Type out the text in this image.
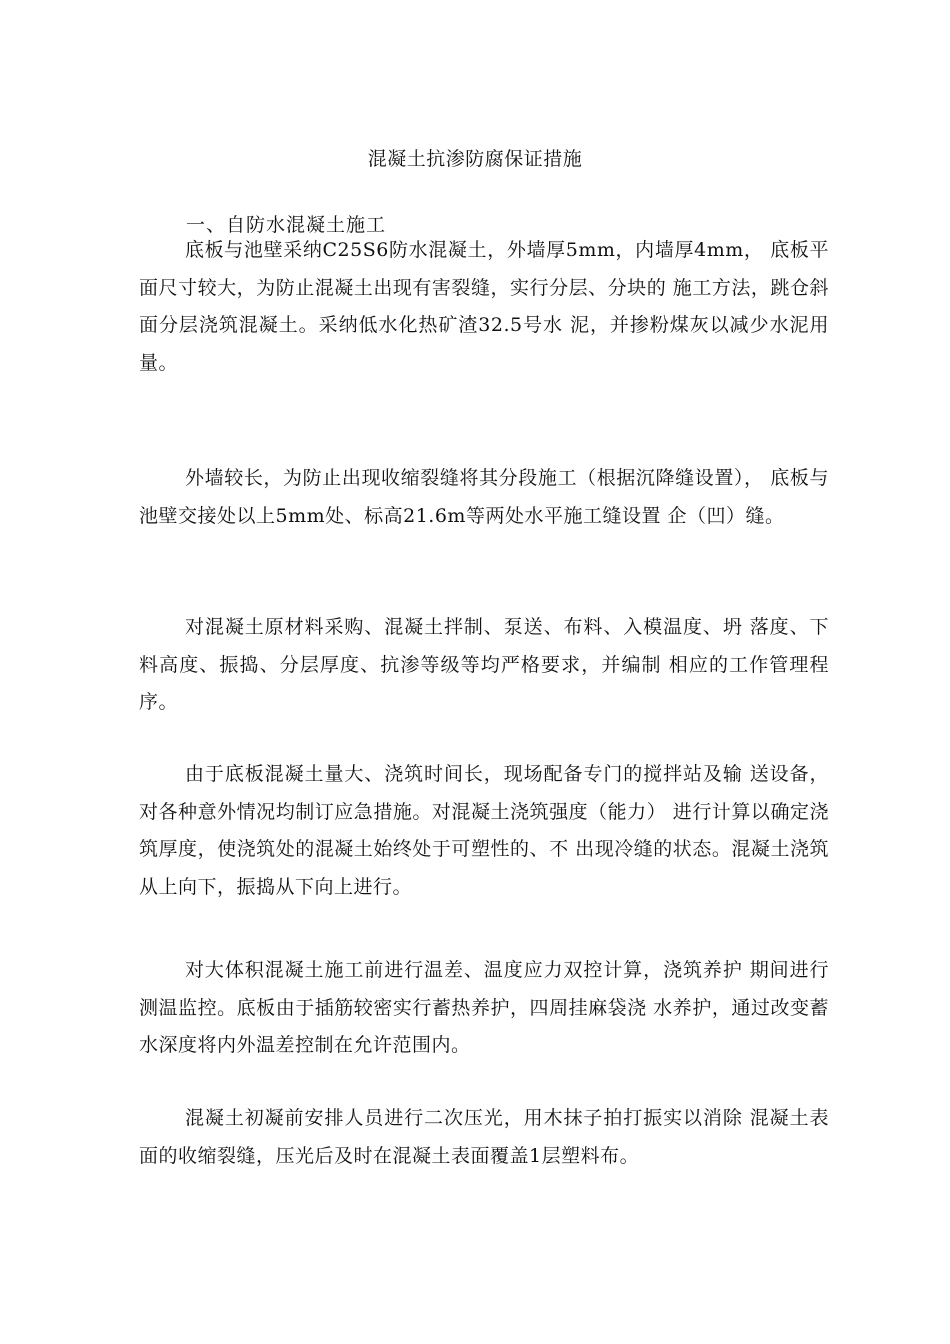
混凝土抗渗防腐保证措施
一、自防水混凝土施工

底板与池壁采纳C25S6防水混凝土，外墙厚5mm，内墙厚4mm， 底板平面尺寸较大，为防止混凝土出现有害裂缝，实行分层、分块的 施工方法，跳仓斜面分层浇筑混凝土。采纳低水化热矿渣32.5号水 泥，并掺粉煤灰以减少水泥用量。

外墙较长，为防止出现收缩裂缝将其分段施工（根据沉降缝设置）， 底板与池壁交接处以上5mm处、标高21.6m等两处水平施工缝设置 企（凹）缝。

对混凝土原材料采购、混凝土拌制、泵送、布料、入模温度、坍 落度、下料高度、振捣、分层厚度、抗渗等级等均严格要求，并编制 相应的工作管理程序。

由于底板混凝土量大、浇筑时间长，现场配备专门的搅拌站及输 送设备，对各种意外情况均制订应急措施。对混凝土浇筑强度（能力） 进行计算以确定浇筑厚度，使浇筑处的混凝土始终处于可塑性的、不 出现冷缝的状态。混凝土浇筑从上向下，振捣从下向上进行。

对大体积混凝土施工前进行温差、温度应力双控计算，浇筑养护 期间进行测温监控。底板由于插筋较密实行蓄热养护，四周挂麻袋浇 水养护，通过改变蓄水深度将内外温差控制在允许范围内。

混凝土初凝前安排人员进行二次压光，用木抹子拍打振实以消除 混凝土表面的收缩裂缝，压光后及时在混凝土表面覆盖1层塑料布。
